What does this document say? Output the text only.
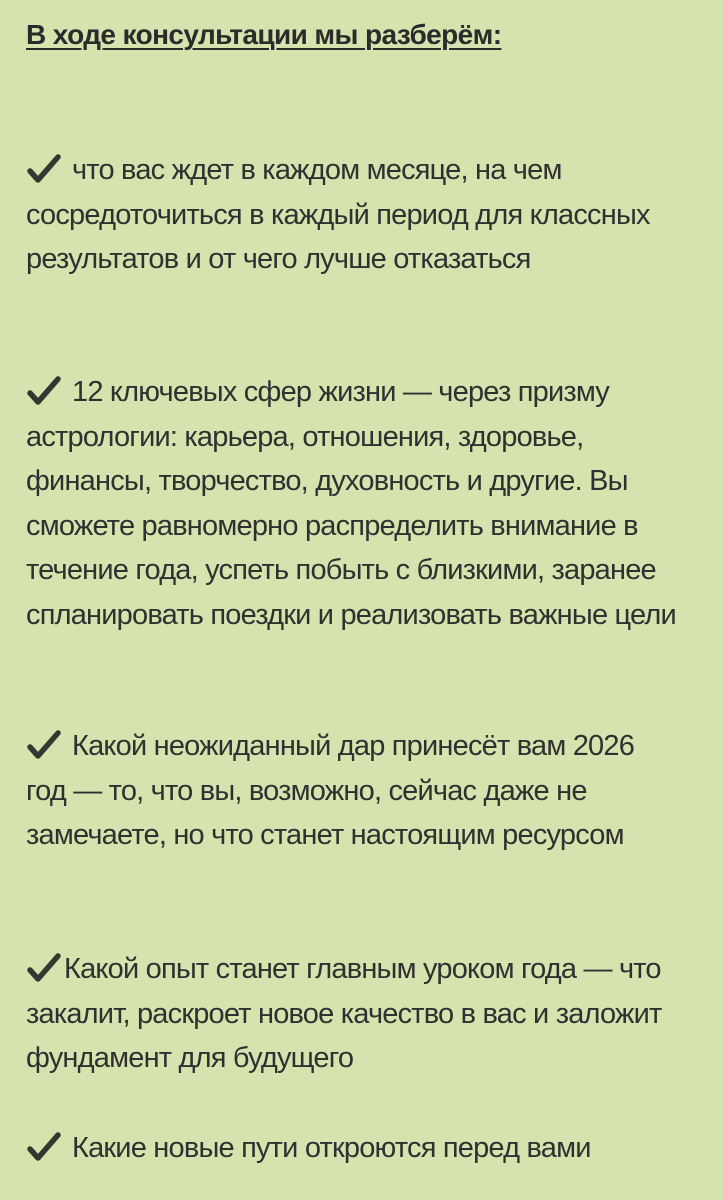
В ходе консультации мы разберём:
что вас ждет в каждом месяце, на чем сосредоточиться в каждый период для классных результатов и от чего лучше отказаться
12 ключевых сфер жизни — через призму астрологии: карьера, отношения, здоровье, финансы, творчество, духовность и другие. Вы сможете равномерно распределить внимание в течение года, успеть побыть с близкими, заранее спланировать поездки и реализовать важные цели
Какой неожиданный дар принесёт вам 2026 год — то, что вы, возможно, сейчас даже не замечаете, но что станет настоящим ресурсом
Какой опыт станет главным уроком года — что закалит, раскроет новое качество в вас и заложит фундамент для будущего
Какие новые пути откроются перед вами
